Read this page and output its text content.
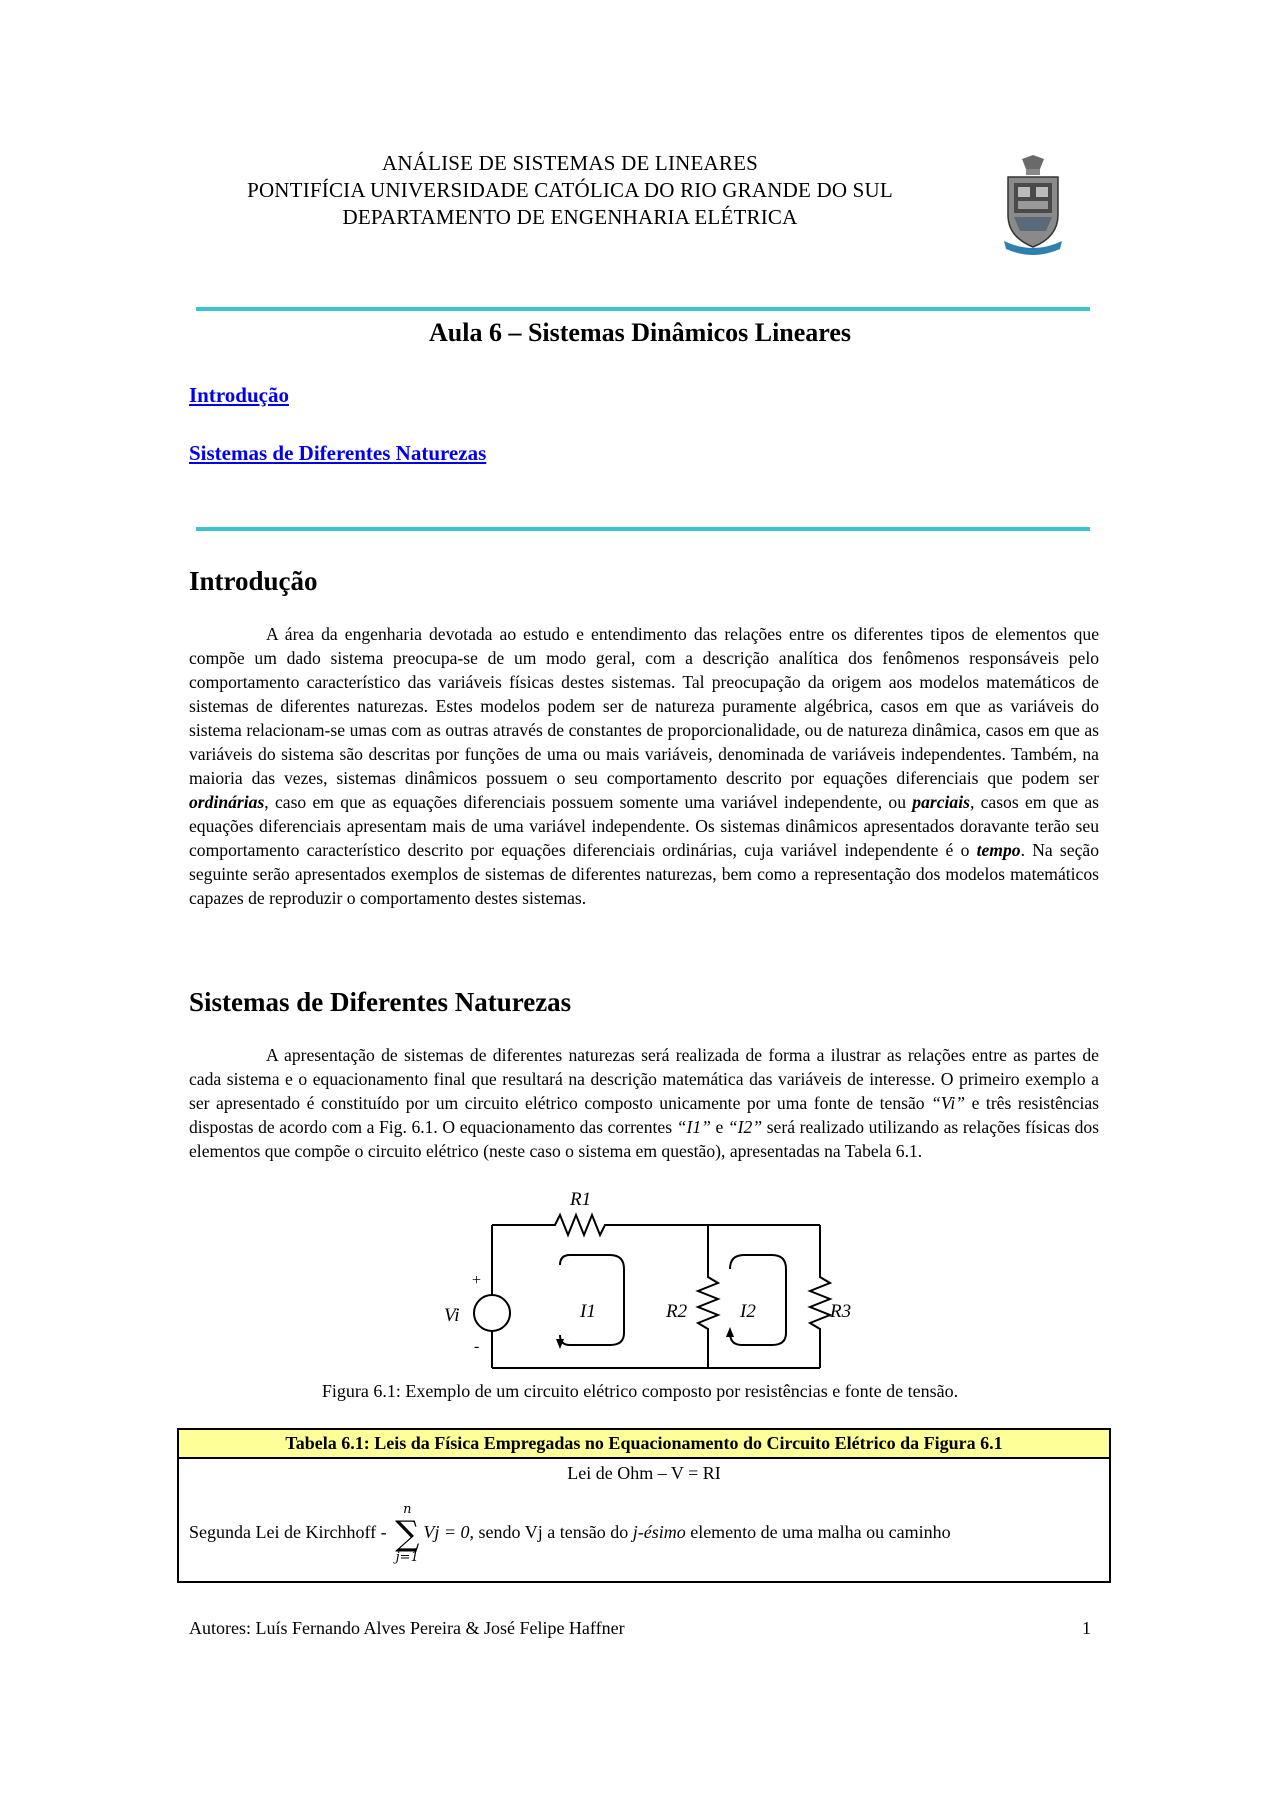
ANÁLISE DE SISTEMAS DE LINEARES
PONTIFÍCIA UNIVERSIDADE CATÓLICA DO RIO GRANDE DO SUL
DEPARTAMENTO DE ENGENHARIA ELÉTRICA
Aula 6 – Sistemas Dinâmicos Lineares
Introdução
Sistemas de Diferentes Naturezas
Introdução

A área da engenharia devotada ao estudo e entendimento das relações entre os diferentes tipos de elementos que compõe um dado sistema preocupa-se de um modo geral, com a descrição analítica dos fenômenos responsáveis pelo comportamento característico das variáveis físicas destes sistemas. Tal preocupação da origem aos modelos matemáticos de sistemas de diferentes naturezas. Estes modelos podem ser de natureza puramente algébrica, casos em que as variáveis do sistema relacionam-se umas com as outras através de constantes de proporcionalidade, ou de natureza dinâmica, casos em que as variáveis do sistema são descritas por funções de uma ou mais variáveis, denominada de variáveis independentes. Também, na maioria das vezes, sistemas dinâmicos possuem o seu comportamento descrito por equações diferenciais que podem ser ordinárias, caso em que as equações diferenciais possuem somente uma variável independente, ou parciais, casos em que as equações diferenciais apresentam mais de uma variável independente. Os sistemas dinâmicos apresentados doravante terão seu comportamento característico descrito por equações diferenciais ordinárias, cuja variável independente é o tempo. Na seção seguinte serão apresentados exemplos de sistemas de diferentes naturezas, bem como a representação dos modelos matemáticos capazes de reproduzir o comportamento destes sistemas.

Sistemas de Diferentes Naturezas

A apresentação de sistemas de diferentes naturezas será realizada de forma a ilustrar as relações entre as partes de cada sistema e o equacionamento final que resultará na descrição matemática das variáveis de interesse. O primeiro exemplo a ser apresentado é constituído por um circuito elétrico composto unicamente por uma fonte de tensão “Vi” e três resistências dispostas de acordo com a Fig. 6.1. O equacionamento das correntes “I1” e “I2” será realizado utilizando as relações físicas dos elementos que compõe o circuito elétrico (neste caso o sistema em questão), apresentadas na Tabela 6.1.

R1
Vi	I1	R2	I2	R3
+
-
Figura 6.1: Exemplo de um circuito elétrico composto por resistências e fonte de tensão.
Tabela 6.1: Leis da Física Empregadas no Equacionamento do Circuito Elétrico da Figura 6.1
Lei de Ohm – V = RI
Segunda Lei de Kirchhoff -
n
∑
j=1
Vj = 0, sendo Vj a tensão do j-ésimo elemento de uma malha ou caminho
Autores: Luís Fernando Alves Pereira & José Felipe Haffner	1
